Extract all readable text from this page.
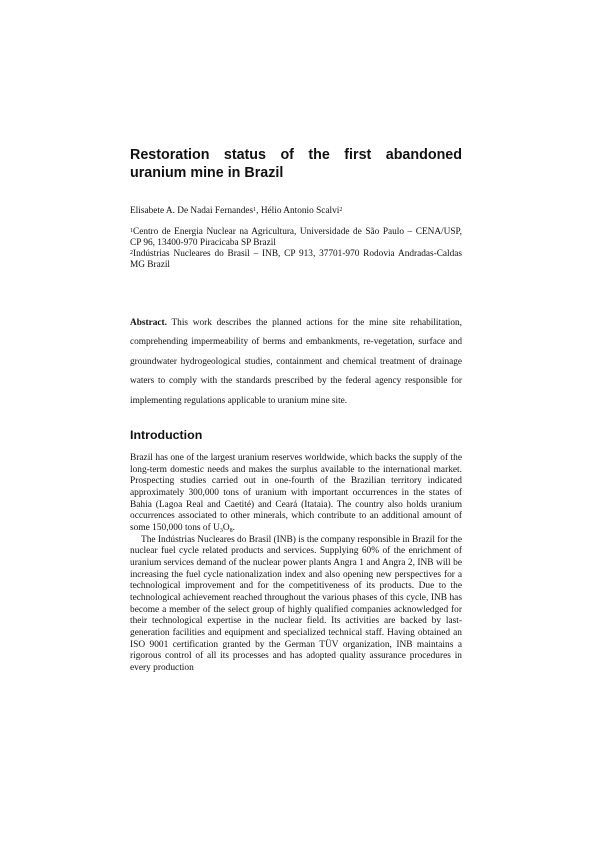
Restoration status of the first abandoned uranium mine in Brazil

Elisabete A. De Nadai Fernandes$^1$, Hélio Antonio Scalvi$^2$

$^1$Centro de Energia Nuclear na Agricultura, Universidade de São Paulo – CENA/USP, CP 96, 13400-970 Piracicaba SP Brazil

$^2$Indústrias Nucleares do Brasil – INB, CP 913, 37701-970 Rodovia Andradas-Caldas MG Brazil

Abstract. This work describes the planned actions for the mine site rehabilitation, comprehending impermeability of berms and embankments, re-vegetation, surface and groundwater hydrogeological studies, containment and chemical treatment of drainage waters to comply with the standards prescribed by the federal agency responsible for implementing regulations applicable to uranium mine site.

Introduction

Brazil has one of the largest uranium reserves worldwide, which backs the supply of the long-term domestic needs and makes the surplus available to the international market. Prospecting studies carried out in one-fourth of the Brazilian territory indicated approximately 300,000 tons of uranium with important occurrences in the states of Bahia (Lagoa Real and Caetité) and Ceará (Itataia). The country also holds uranium occurrences associated to other minerals, which contribute to an additional amount of some 150,000 tons of $U_3O_8$.

The Indústrias Nucleares do Brasil (INB) is the company responsible in Brazil for the nuclear fuel cycle related products and services. Supplying 60% of the enrichment of uranium services demand of the nuclear power plants Angra 1 and Angra 2, INB will be increasing the fuel cycle nationalization index and also opening new perspectives for a technological improvement and for the competitiveness of its products. Due to the technological achievement reached throughout the various phases of this cycle, INB has become a member of the select group of highly qualified companies acknowledged for their technological expertise in the nuclear field. Its activities are backed by last-generation facilities and equipment and specialized technical staff. Having obtained an ISO 9001 certification granted by the German TÜV organization, INB maintains a rigorous control of all its processes and has adopted quality assurance procedures in every production
